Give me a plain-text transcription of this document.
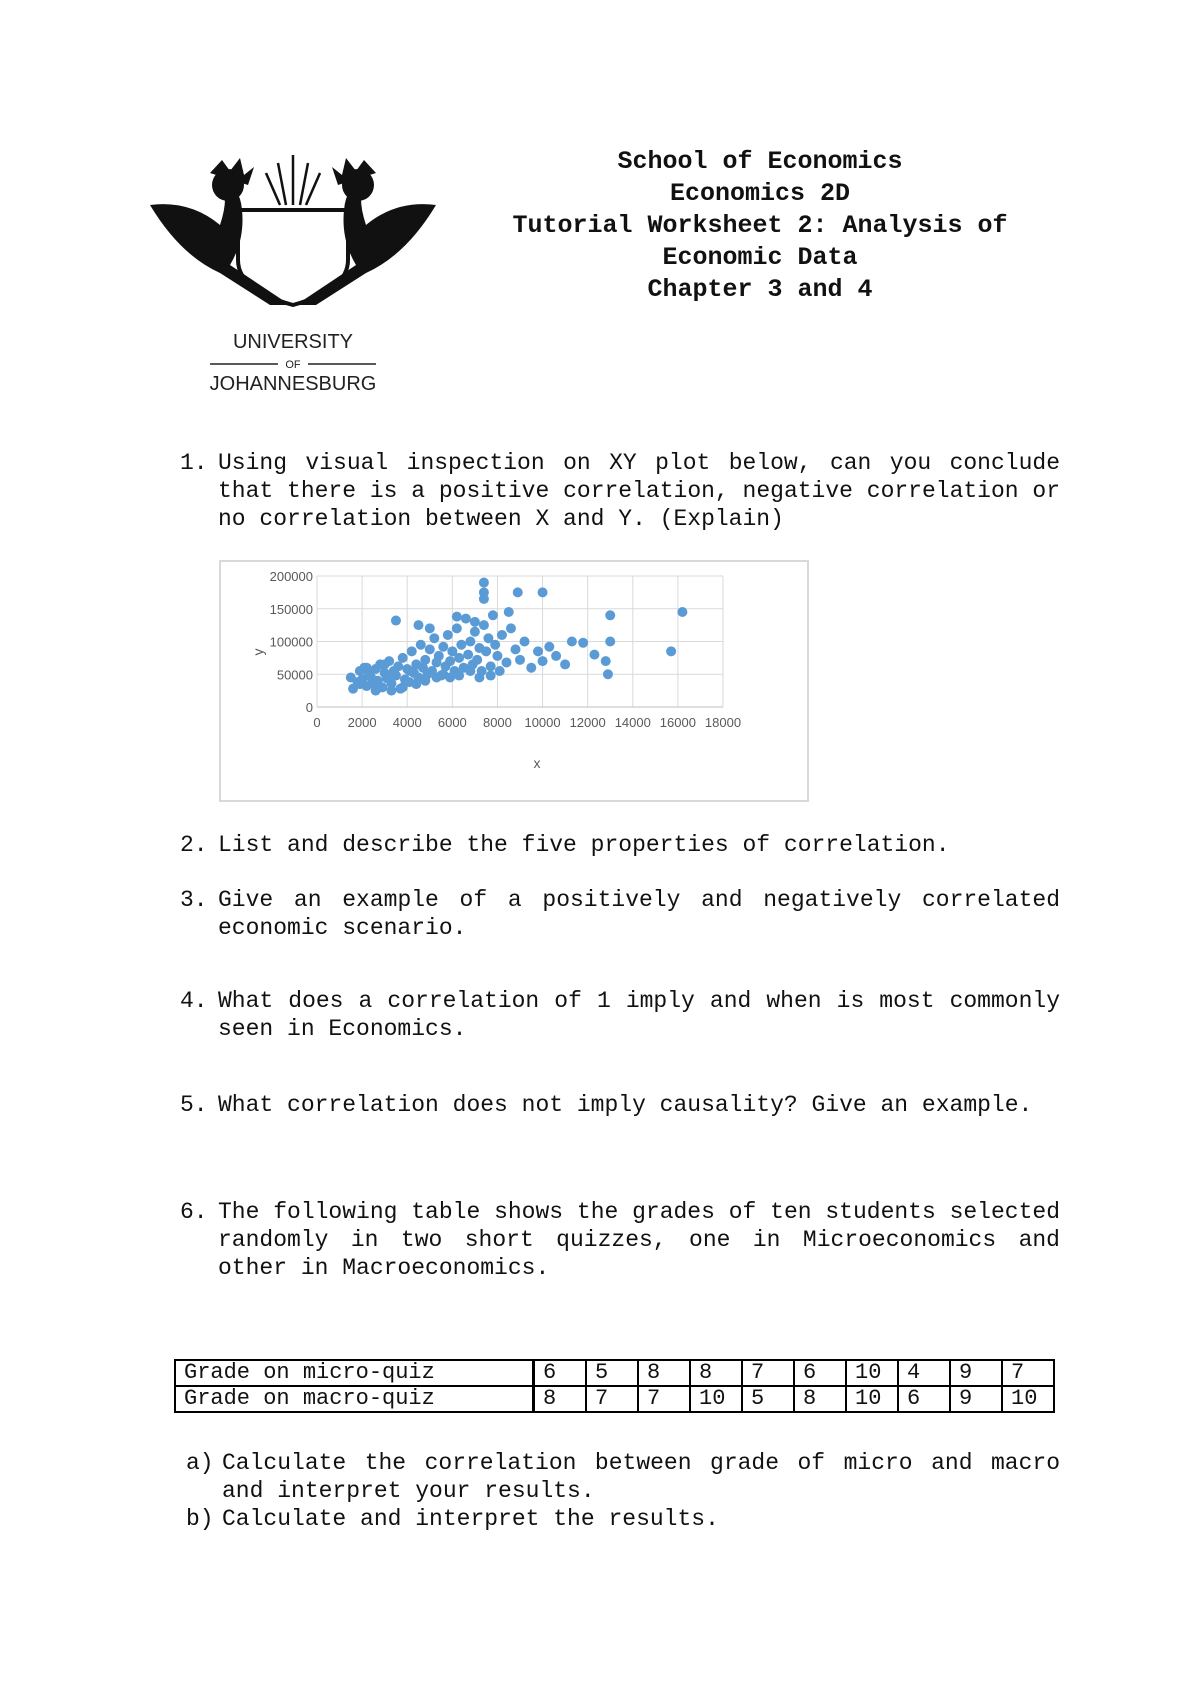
UNIVERSITY
OF
JOHANNESBURG
School of Economics
Economics 2D
Tutorial Worksheet 2: Analysis of
Economic Data
Chapter 3 and 4
1. Using visual inspection on XY plot below, can you conclude that there is a positive correlation, negative correlation or no correlation between X and Y. (Explain)
0 2000 4000 6000 8000 10000 12000 14000 16000 18000
0
50000
100000
150000
200000
x
y
2. List and describe the five properties of correlation.
3. Give an example of a positively and negatively correlated economic scenario.
4. What does a correlation of 1 imply and when is most commonly seen in Economics.
5. What correlation does not imply causality? Give an example.
6. The following table shows the grades of ten students selected randomly in two short quizzes, one in Microeconomics and other in Macroeconomics.
Grade on micro-quiz	6	5	8	8	7	6	10	4	9	7
Grade on macro-quiz	8	7	7	10	5	8	10	6	9	10
a) Calculate the correlation between grade of micro and macro and interpret your results.
b) Calculate and interpret the results.
